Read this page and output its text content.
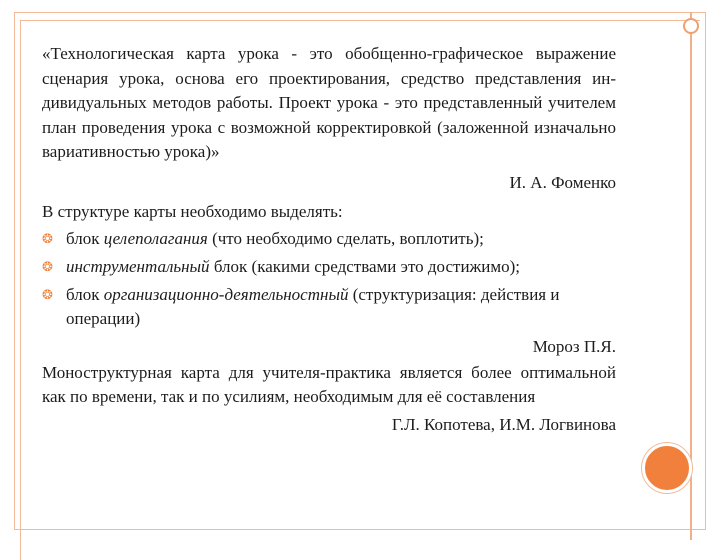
«Технологическая карта урока - это обобщенно-графическое выражение сценария урока, основа его проектирования, средство представления ин-дивидуальных методов работы. Проект урока - это представленный учителем план проведения урока с возможной корректировкой (заложенной изначально вариативностью урока)»

И. А. Фоменко

В структуре карты необходимо выделять:

❂ блок целеполагания (что необходимо сделать, воплотить);
❂ инструментальный блок (какими средствами это достижимо);
❂ блок организационно-деятельностный (структуризация: действия и операции)

Мороз П.Я.

Моноструктурная карта для учителя-практика является более оптимальной как по времени, так и по усилиям, необходимым для её составления

Г.Л. Копотева, И.М. Логвинова
